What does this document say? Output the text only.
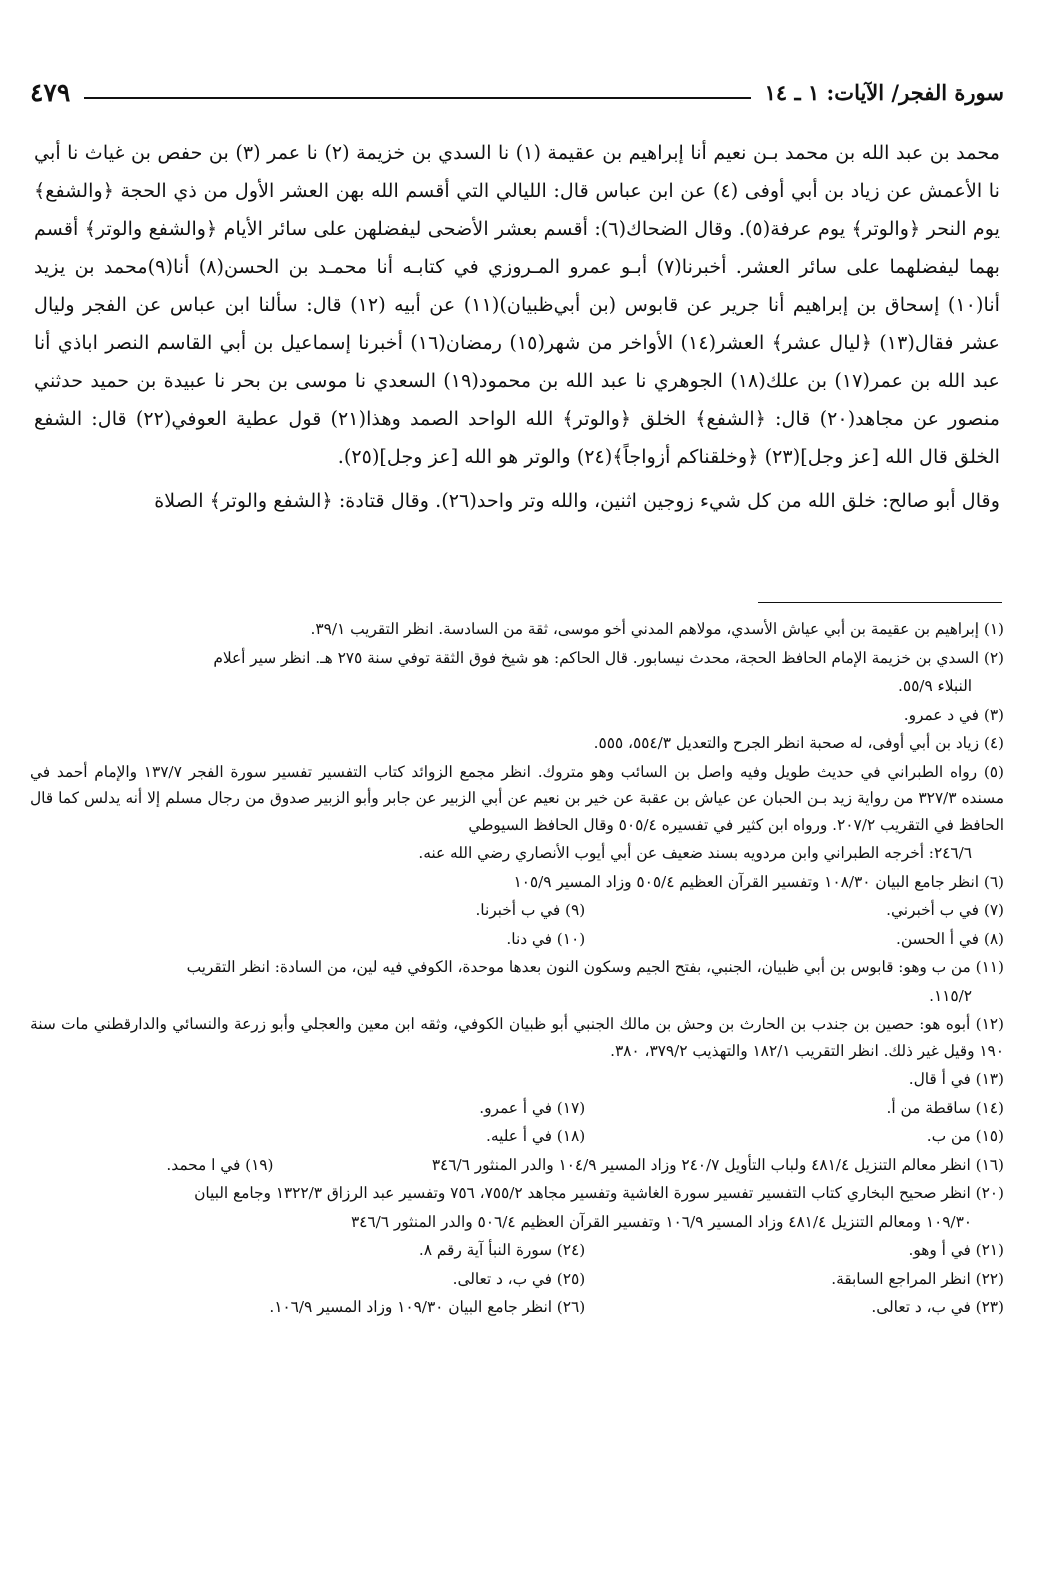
سورة الفجر/ الآيات: ١ ـ ١٤
٤٧٩

محمد بن عبد الله بن محمد بـن نعيم أنا إبراهيم بن عقيمة (١) نا السدي بن خزيمة (٢) نا عمر (٣) بن حفص بن غياث نا أبي نا الأعمش عن زياد بن أبي أوفى (٤) عن ابن عباس قال: الليالي التي أقسم الله بهن العشر الأول من ذي الحجة ﴿والشفع﴾ يوم النحر ﴿والوتر﴾ يوم عرفة(٥). وقال الضحاك(٦): أقسم بعشر الأضحى ليفضلهن على سائر الأيام ﴿والشفع والوتر﴾ أقسم بهما ليفضلهما على سائر العشر. أخبرنا(٧) أبـو عمرو المـروزي في كتابـه أنا محمـد بن الحسن(٨) أنا(٩)محمد بن يزيد أنا(١٠) إسحاق بن إبراهيم أنا جرير عن قابوس (بن أبي‌ظبيان)(١١) عن أبيه (١٢) قال: سألنا ابن عباس عن الفجر وليال عشر فقال(١٣) ﴿ليال عشر﴾ العشر(١٤) الأواخر من شهر(١٥) رمضان(١٦) أخبرنا إسماعيل بن أبي القاسم النصر اباذي أنا عبد الله بن عمر(١٧) بن علك(١٨) الجوهري نا عبد الله بن محمود(١٩) السعدي نا موسى بن بحر نا عبيدة بن حميد حدثني منصور عن مجاهد(٢٠) قال: ﴿الشفع﴾ الخلق ﴿والوتر﴾ الله الواحد الصمد وهذا(٢١) قول عطية العوفي(٢٢) قال: الشفع الخلق قال الله [عز وجل](٢٣) ﴿وخلقناكم أزواجاً﴾(٢٤) والوتر هو الله [عز وجل](٢٥).

وقال أبو صالح: خلق الله من كل شيء زوجين اثنين، والله وتر واحد(٢٦). وقال قتادة: ﴿الشفع والوتر﴾ الصلاة

(١) إبراهيم بن عقيمة بن أبي عياش الأسدي، مولاهم المدني أخو موسى، ثقة من السادسة. انظر التقريب ٣٩/١.
(٢) السدي بن خزيمة الإمام الحافظ الحجة، محدث نيسابور. قال الحاكم: هو شيخ فوق الثقة توفي سنة ٢٧٥ هـ. انظر سير أعلام
النبلاء ٥٥/٩.
(٣) في د عمرو.
(٤) زياد بن أبي أوفى، له صحبة انظر الجرح والتعديل ٥٥٤/٣، ٥٥٥.
(٥) رواه الطبراني في حديث طويل وفيه واصل بن السائب وهو متروك. انظر مجمع الزوائد كتاب التفسير تفسير سورة الفجر ١٣٧/٧ والإمام أحمد في مسنده ٣٢٧/٣ من رواية زيد بـن الحبان عن عياش بن عقبة عن خير بن نعيم عن أبي الزبير عن جابر وأبو الزبير صدوق من رجال مسلم إلا أنه يدلس كما قال الحافظ في التقريب ٢٠٧/٢. ورواه ابن كثير في تفسيره ٥٠٥/٤ وقال الحافظ السيوطي
٢٤٦/٦: أخرجه الطبراني وابن مردويه بسند ضعيف عن أبي أيوب الأنصاري رضي الله عنه.
(٦) انظر جامع البيان ١٠٨/٣٠ وتفسير القرآن العظيم ٥٠٥/٤ وزاد المسير ١٠٥/٩
(٧) في ب أخبرني.
(٩) في ب أخبرنا.
(٨) في أ الحسن.
(١٠) في دنا.
(١١) من ب وهو: قابوس بن أبي ظبيان، الجنبي، بفتح الجيم وسكون النون بعدها موحدة، الكوفي فيه لين، من السادة: انظر التقريب
١١٥/٢.
(١٢) أبوه هو: حصين بن جندب بن الحارث بن وحش بن مالك الجنبي أبو ظبيان الكوفي، وثقه ابن معين والعجلي وأبو زرعة والنسائي والدارقطني مات سنة ١٩٠ وقيل غير ذلك. انظر التقريب ١٨٢/١ والتهذيب ٣٧٩/٢، ٣٨٠.
(١٣) في أ قال.
(١٤) ساقطة من أ.
(١٧) في أ عمرو.
(١٥) من ب.
(١٨) في أ عليه.
(١٦) انظر معالم التنزيل ٤٨١/٤ ولباب التأويل ٢٤٠/٧ وزاد المسير ١٠٤/٩ والدر المنثور ٣٤٦/٦
(١٩) في ا محمد.
(٢٠) انظر صحيح البخاري كتاب التفسير تفسير سورة الغاشية وتفسير مجاهد ٧٥٥/٢، ٧٥٦ وتفسير عبد الرزاق ١٣٢٢/٣ وجامع البيان
١٠٩/٣٠ ومعالم التنزيل ٤٨١/٤ وزاد المسير ١٠٦/٩ وتفسير القرآن العظيم ٥٠٦/٤ والدر المنثور ٣٤٦/٦
(٢١) في أ وهو.
(٢٤) سورة النبأ آية رقم ٨.
(٢٢) انظر المراجع السابقة.
(٢٥) في ب، د تعالى.
(٢٣) في ب، د تعالى.
(٢٦) انظر جامع البيان ١٠٩/٣٠ وزاد المسير ١٠٦/٩.
